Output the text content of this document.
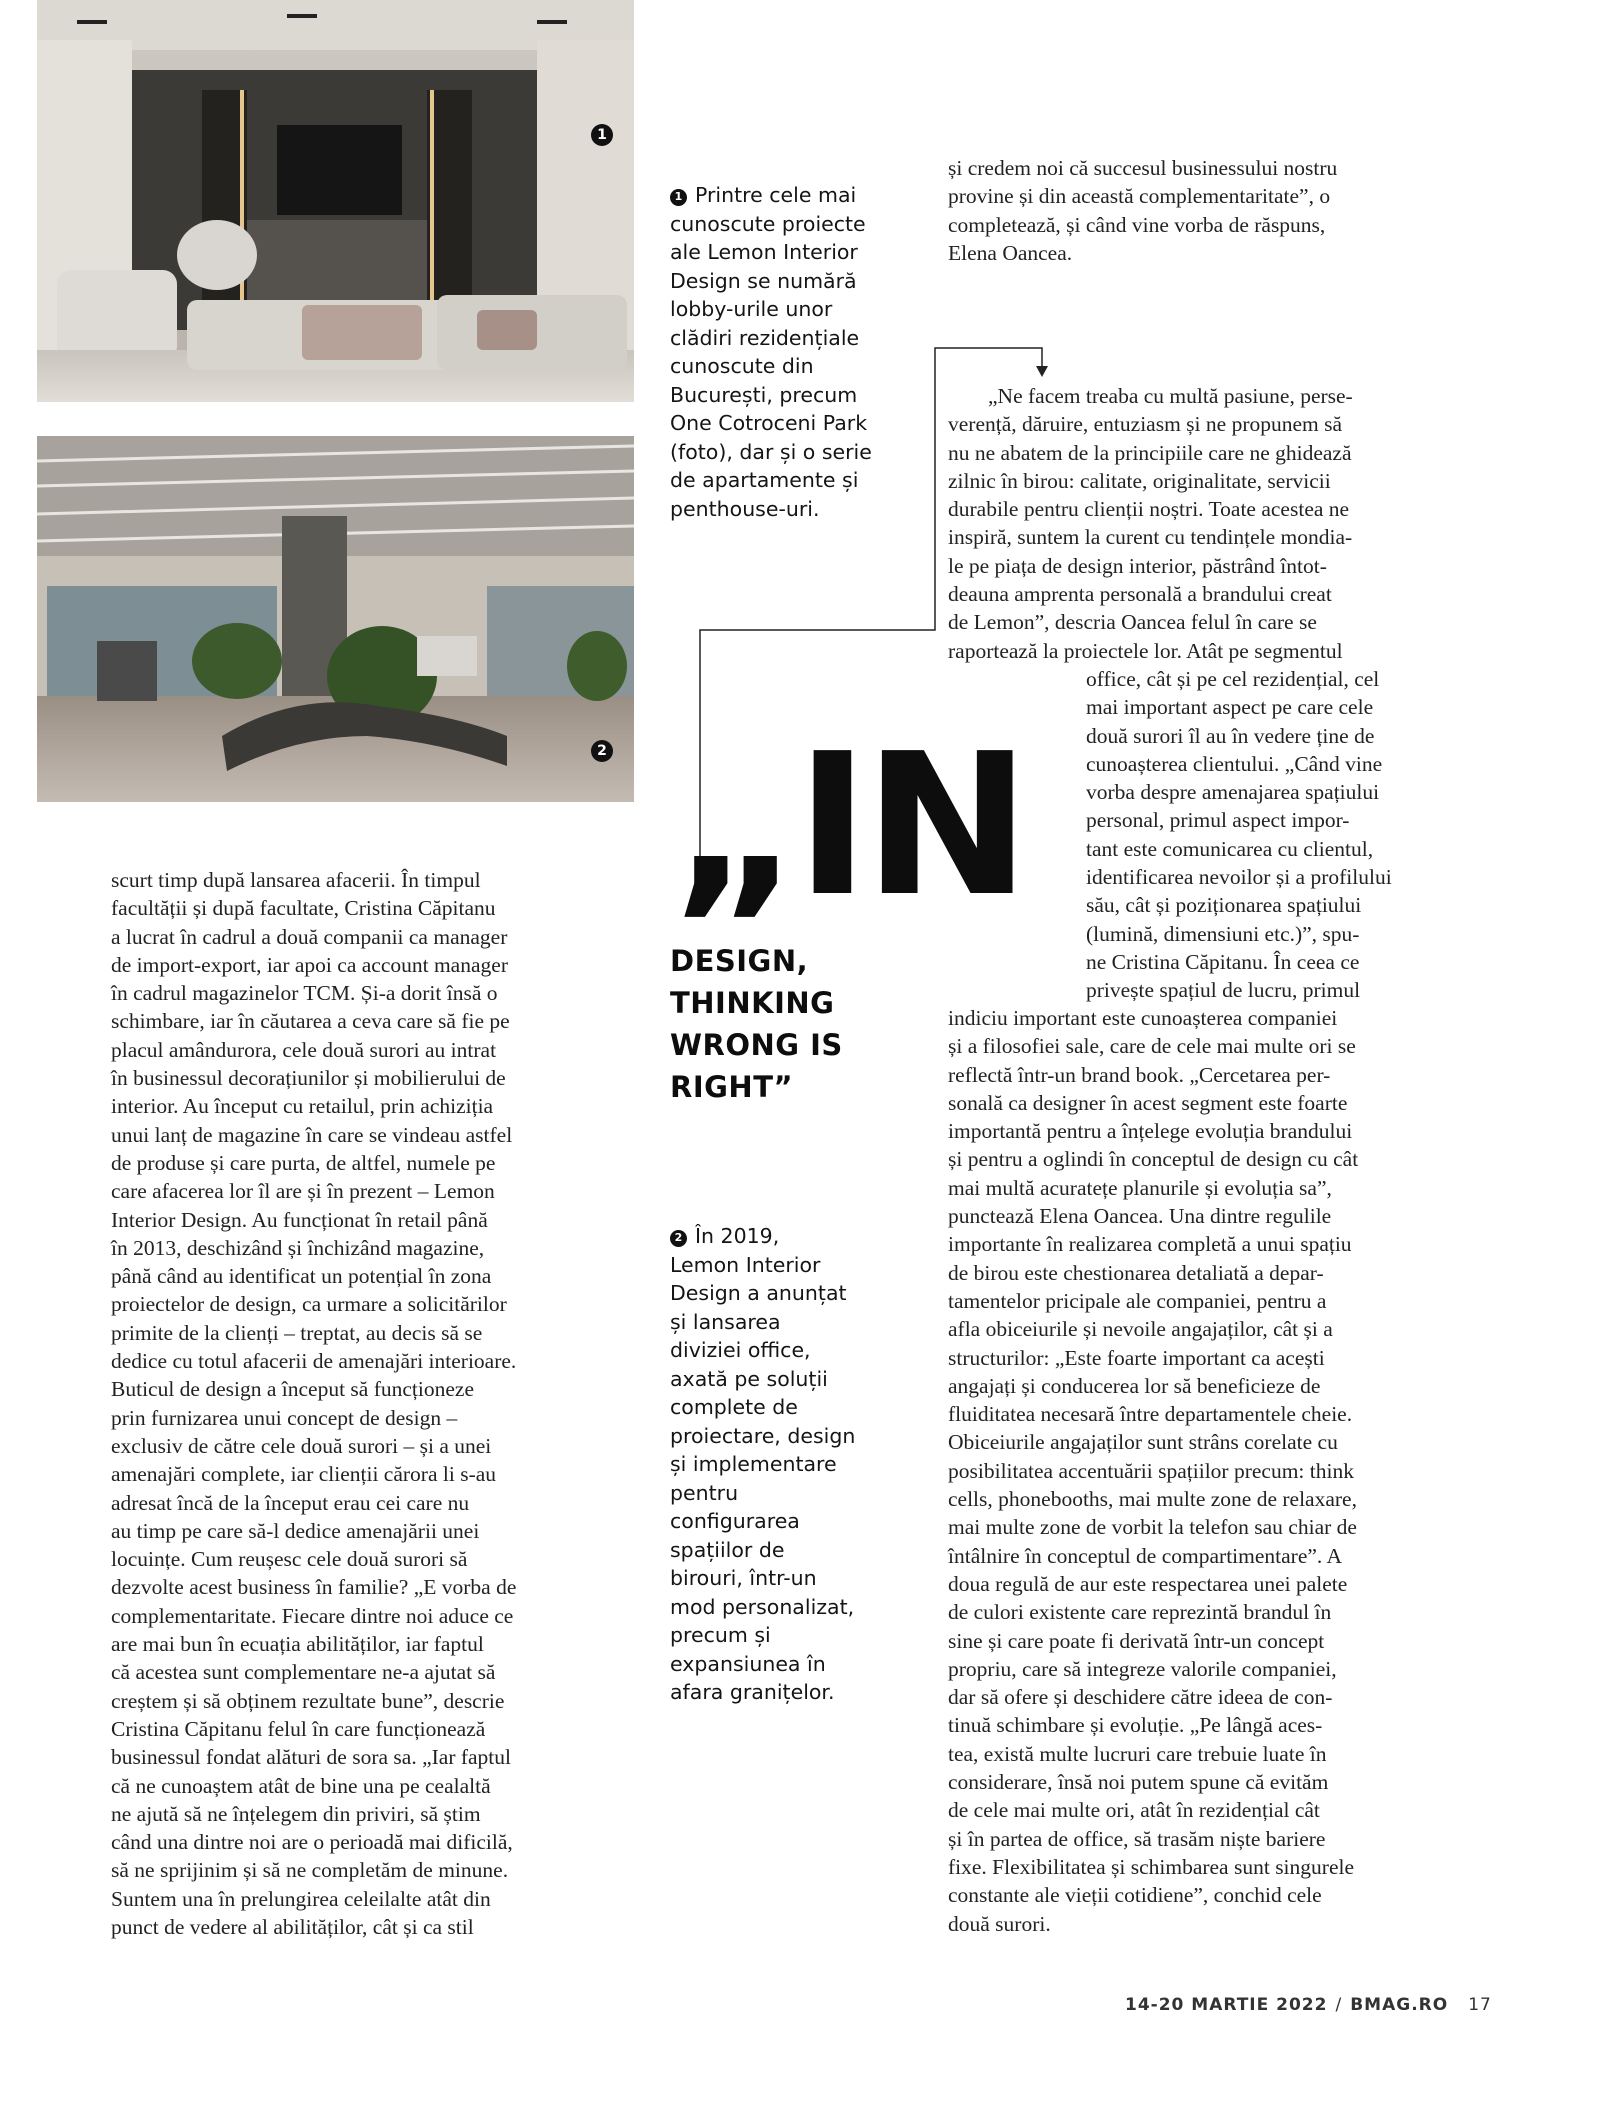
1
2
1 Printre cele mai
cunoscute proiecte
ale Lemon Interior
Design se numără
lobby-urile unor
clădiri rezidențiale
cunoscute din
București, precum
One Cotroceni Park
(foto), dar și o serie
de apartamente și
penthouse-uri.
2 În 2019,
Lemon Interior
Design a anunțat
și lansarea
diviziei office,
axată pe soluții
complete de
proiectare, design
și implementare
pentru
configurarea
spațiilor de
birouri, într-un
mod personalizat,
precum și
expansiunea în
afara granițelor.
„IN
DESIGN,
THINKING
WRONG IS
RIGHT”
scurt timp după lansarea afacerii. În timpul
facultății și după facultate, Cristina Căpitanu
a lucrat în cadrul a două companii ca manager
de import-export, iar apoi ca account manager
în cadrul magazinelor TCM. Și-a dorit însă o
schimbare, iar în căutarea a ceva care să fie pe
placul amândurora, cele două surori au intrat
în businessul decorațiunilor și mobilierului de
interior. Au început cu retailul, prin achiziția
unui lanț de magazine în care se vindeau astfel
de produse și care purta, de altfel, numele pe
care afacerea lor îl are și în prezent – Lemon
Interior Design. Au funcționat în retail până
în 2013, deschizând și închizând magazine,
până când au identificat un potențial în zona
proiectelor de design, ca urmare a solicitărilor
primite de la clienți – treptat, au decis să se
dedice cu totul afacerii de amenajări interioare.
Buticul de design a început să funcționeze
prin furnizarea unui concept de design –
exclusiv de către cele două surori – și a unei
amenajări complete, iar clienții cărora li s-au
adresat încă de la început erau cei care nu
au timp pe care să-l dedice amenajării unei
locuințe. Cum reușesc cele două surori să
dezvolte acest business în familie? „E vorba de
complementaritate. Fiecare dintre noi aduce ce
are mai bun în ecuația abilităților, iar faptul
că acestea sunt complementare ne-a ajutat să
creștem și să obținem rezultate bune”, descrie
Cristina Căpitanu felul în care funcționează
businessul fondat alături de sora sa. „Iar faptul
că ne cunoaștem atât de bine una pe cealaltă
ne ajută să ne înțelegem din priviri, să știm
când una dintre noi are o perioadă mai dificilă,
să ne sprijinim și să ne completăm de minune.
Suntem una în prelungirea celeilalte atât din
punct de vedere al abilităților, cât și ca stil
și credem noi că succesul businessului nostru
provine și din această complementaritate”, o
completează, și când vine vorba de răspuns,
Elena Oancea.
„Ne facem treaba cu multă pasiune, perse-
verență, dăruire, entuziasm și ne propunem să
nu ne abatem de la principiile care ne ghidează
zilnic în birou: calitate, originalitate, servicii
durabile pentru clienții noștri. Toate acestea ne
inspiră, suntem la curent cu tendințele mondia-
le pe piața de design interior, păstrând întot-
deauna amprenta personală a brandului creat
de Lemon”, descria Oancea felul în care se
raportează la proiectele lor. Atât pe segmentul
office, cât și pe cel rezidențial, cel
mai important aspect pe care cele
două surori îl au în vedere ține de
cunoașterea clientului. „Când vine
vorba despre amenajarea spațiului
personal, primul aspect impor-
tant este comunicarea cu clientul,
identificarea nevoilor și a profilului
său, cât și poziționarea spațiului
(lumină, dimensiuni etc.)”, spu-
ne Cristina Căpitanu. În ceea ce
privește spațiul de lucru, primul
indiciu important este cunoașterea companiei
și a filosofiei sale, care de cele mai multe ori se
reflectă într-un brand book. „Cercetarea per-
sonală ca designer în acest segment este foarte
importantă pentru a înțelege evoluția brandului
și pentru a oglindi în conceptul de design cu cât
mai multă acuratețe planurile și evoluția sa”,
punctează Elena Oancea. Una dintre regulile
importante în realizarea completă a unui spațiu
de birou este chestionarea detaliată a depar-
tamentelor pricipale ale companiei, pentru a
afla obiceiurile și nevoile angajaților, cât și a
structurilor: „Este foarte important ca acești
angajați și conducerea lor să beneficieze de
fluiditatea necesară între departamentele cheie.
Obiceiurile angajaților sunt strâns corelate cu
posibilitatea accentuării spațiilor precum: think
cells, phonebooths, mai multe zone de relaxare,
mai multe zone de vorbit la telefon sau chiar de
întâlnire în conceptul de compartimentare”. A
doua regulă de aur este respectarea unei palete
de culori existente care reprezintă brandul în
sine și care poate fi derivată într-un concept
propriu, care să integreze valorile companiei,
dar să ofere și deschidere către ideea de con-
tinuă schimbare și evoluție. „Pe lângă aces-
tea, există multe lucruri care trebuie luate în
considerare, însă noi putem spune că evităm
de cele mai multe ori, atât în rezidențial cât
și în partea de office, să trasăm niște bariere
fixe. Flexibilitatea și schimbarea sunt singurele
constante ale vieții cotidiene”, conchid cele
două surori.
14-20 MARTIE 2022 / BMAG.RO 17
